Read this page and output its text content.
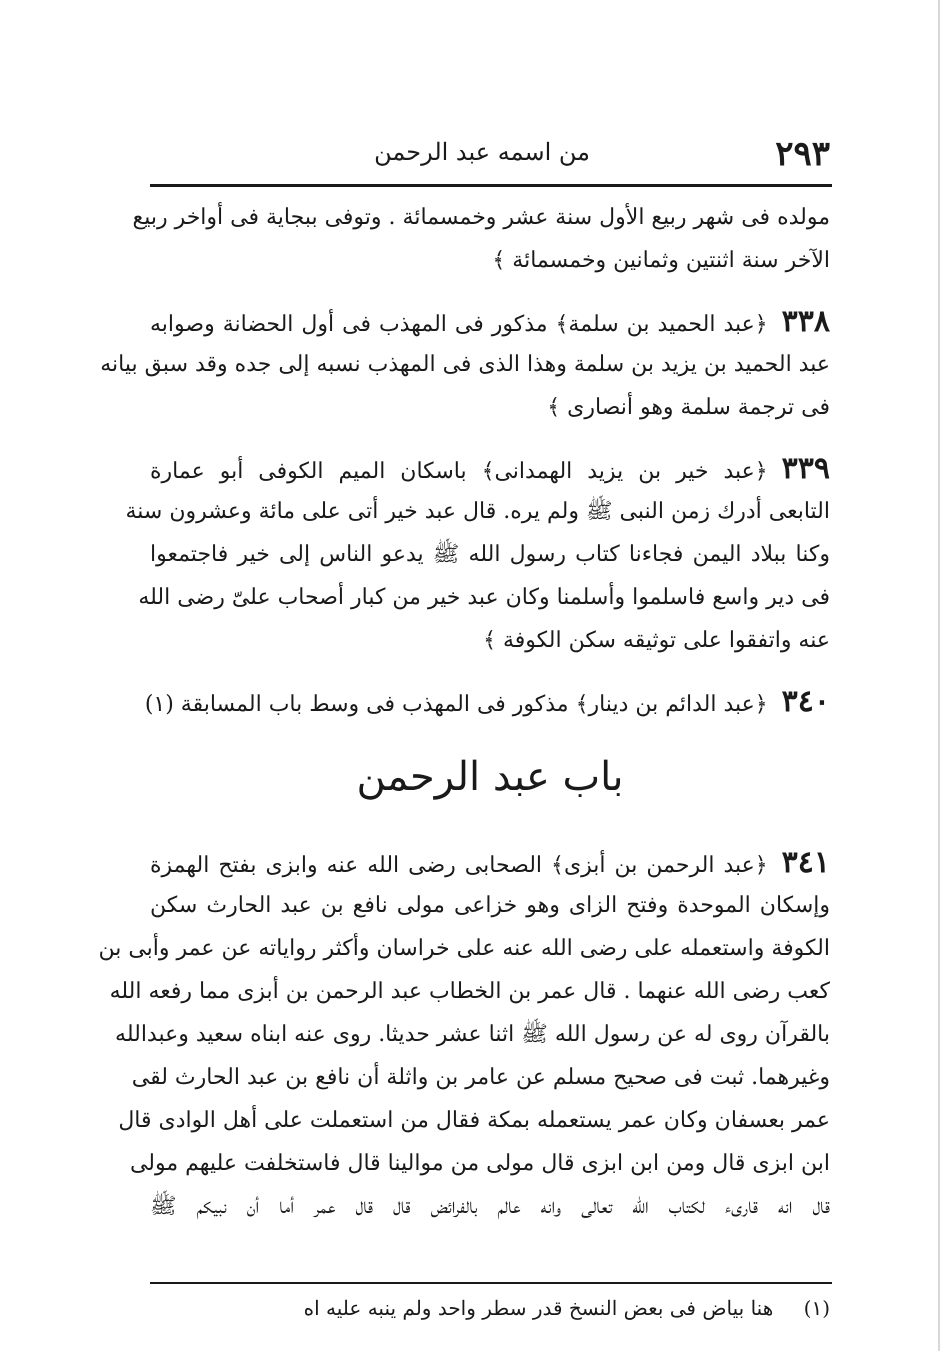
٢٩٣
من اسمه عبد الرحمن
مولده فى شهر ربيع الأول سنة عشر وخمسمائة . وتوفى ببجاية فى أواخر ربيع
الآخر سنة اثنتين وثمانين وخمسمائة ﴾
٣٣٨﴿عبد الحميد بن سلمة﴾ مذكور فى المهذب فى أول الحضانة وصوابه
عبد الحميد بن يزيد بن سلمة وهذا الذى فى المهذب نسبه إلى جده وقد سبق بيانه
فى ترجمة سلمة وهو أنصارى ﴾
٣٣٩﴿عبد خير بن يزيد الهمدانى﴾ باسكان الميم الكوفى أبو عمارة
التابعى أدرك زمن النبى ﷺ ولم يره. قال عبد خير أتى على مائة وعشرون سنة
وكنا ببلاد اليمن فجاءنا كتاب رسول الله ﷺ يدعو الناس إلى خير فاجتمعوا
فى دير واسع فاسلموا وأسلمنا وكان عبد خير من كبار أصحاب علىّ رضى الله
عنه واتفقوا على توثيقه سكن الكوفة ﴾
٣٤٠﴿عبد الدائم بن دينار﴾ مذكور فى المهذب فى وسط باب المسابقة (١)
باب عبد الرحمن
٣٤١﴿عبد الرحمن بن أبزى﴾ الصحابى رضى الله عنه وابزى بفتح الهمزة
وإسكان الموحدة وفتح الزاى وهو خزاعى مولى نافع بن عبد الحارث سكن
الكوفة واستعمله على رضى الله عنه على خراسان وأكثر رواياته عن عمر وأبى بن
كعب رضى الله عنهما . قال عمر بن الخطاب عبد الرحمن بن أبزى مما رفعه الله
بالقرآن روى له عن رسول الله ﷺ اثنا عشر حديثا. روى عنه ابناه سعيد وعبدالله
وغيرهما. ثبت فى صحيح مسلم عن عامر بن واثلة أن نافع بن عبد الحارث لقى
عمر بعسفان وكان عمر يستعمله بمكة فقال من استعملت على أهل الوادى قال
ابن ابزى قال ومن ابن ابزى قال مولى من موالينا قال فاستخلفت عليهم مولى
قال انه قارىء لكتاب الله تعالى وانه عالم بالفرائض قال قال عمر أما أن نبيكم ﷺ
(١) هنا بياض فى بعض النسخ قدر سطر واحد ولم ينبه عليه اه
